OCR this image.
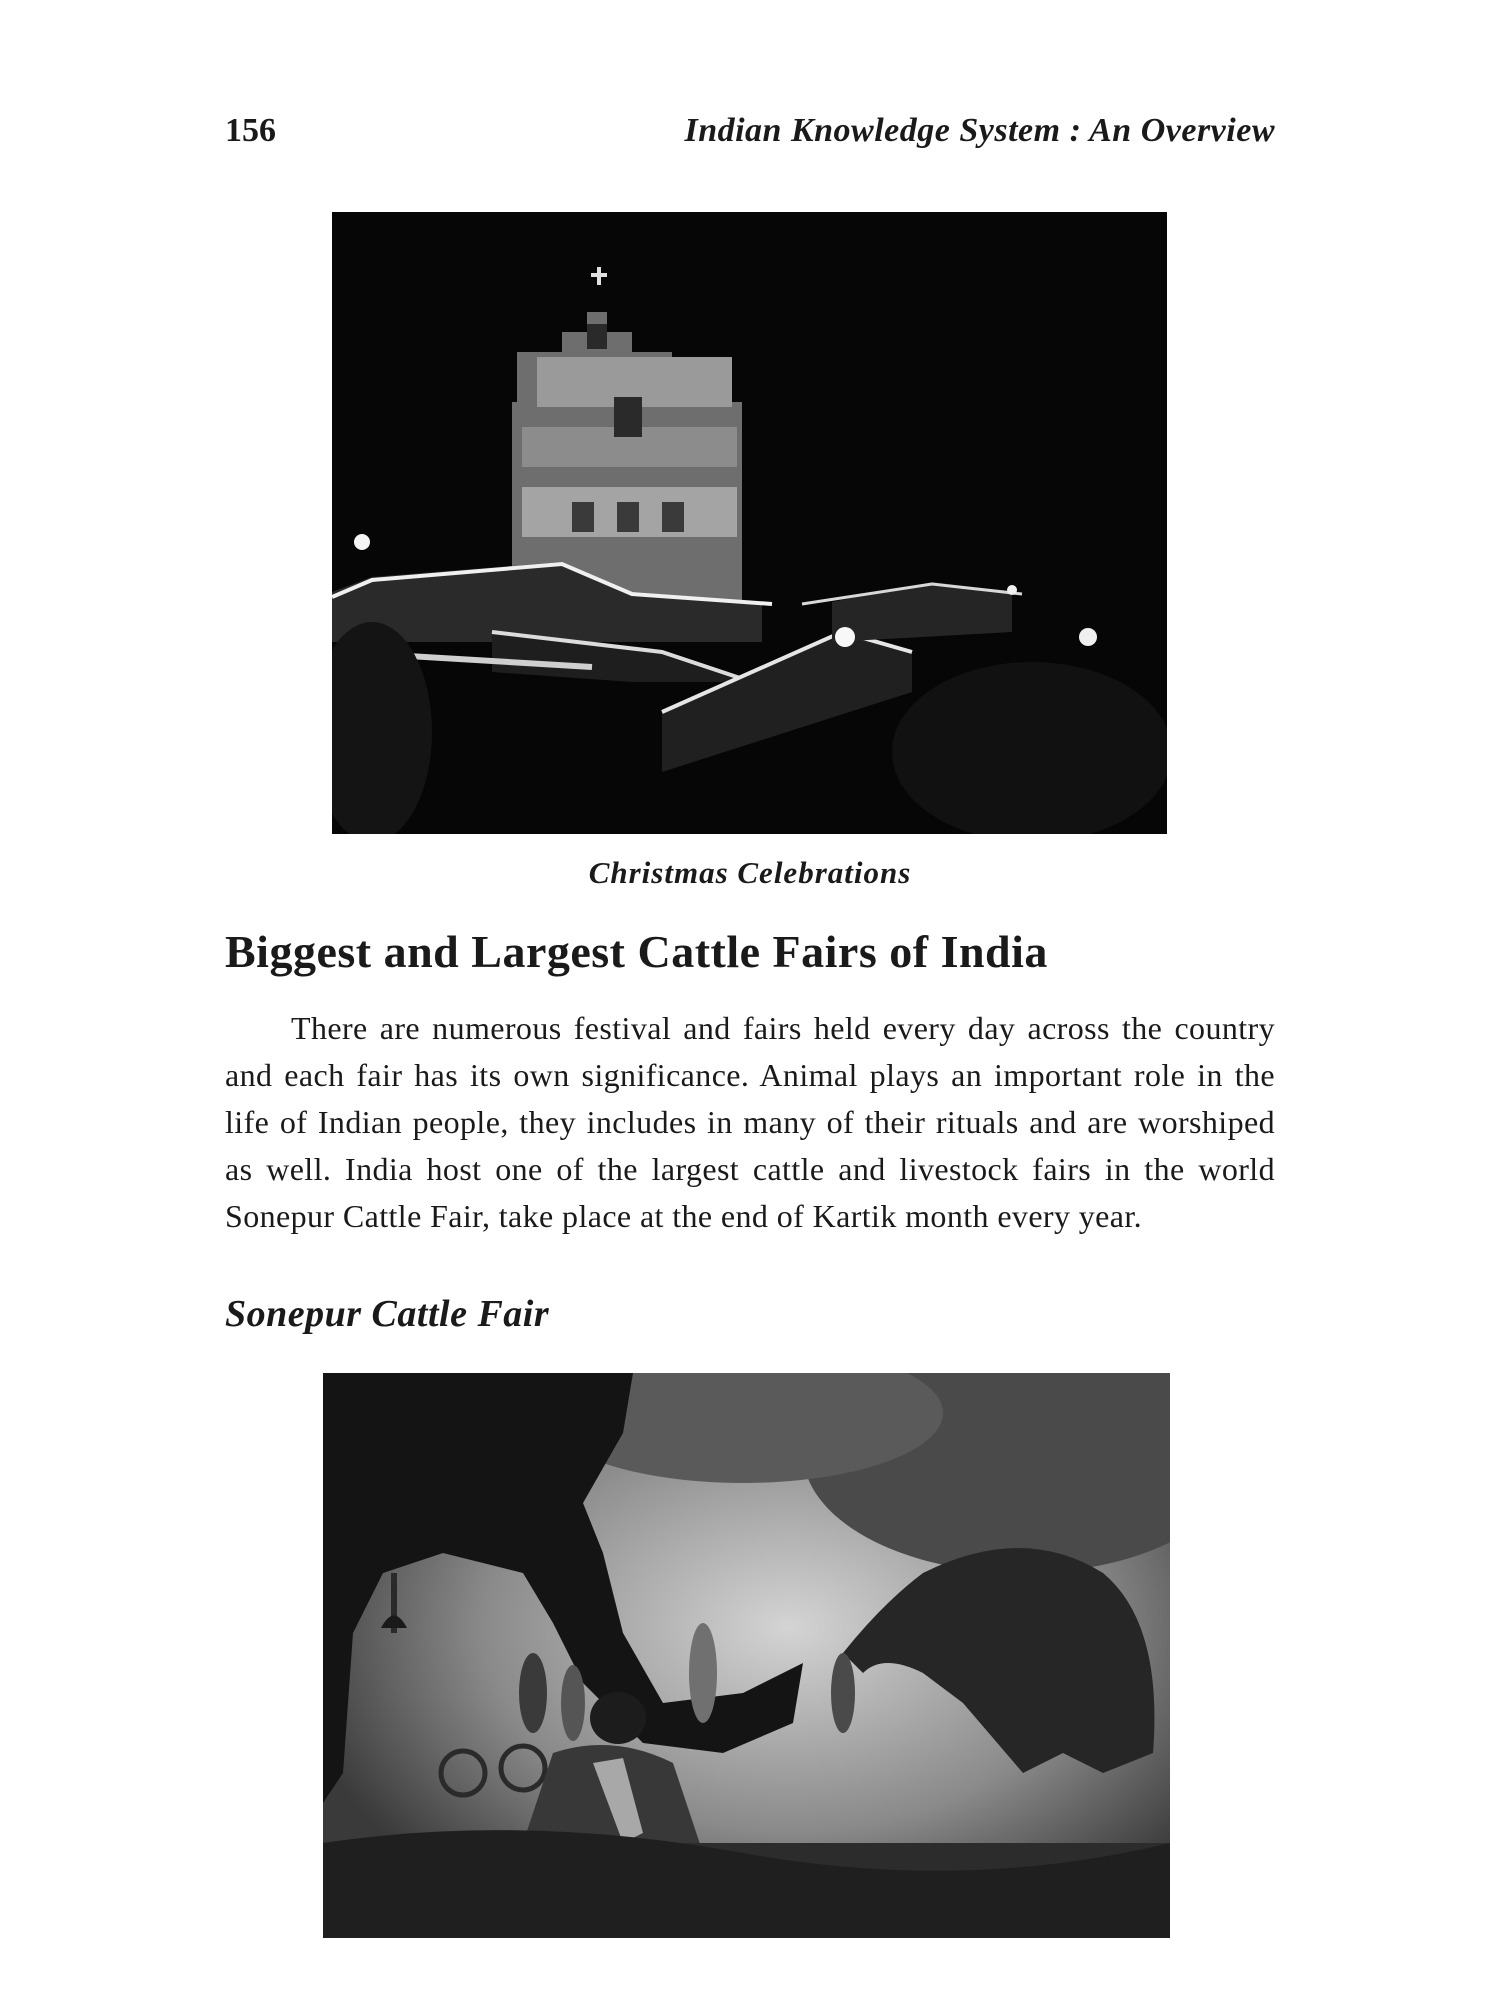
156	Indian Knowledge System : An Overview
Christmas Celebrations
Biggest and Largest Cattle Fairs of India

There are numerous festival and fairs held every day across the country and each fair has its own significance. Animal plays an important role in the life of Indian people, they includes in many of their rituals and are worshiped as well. India host one of the largest cattle and livestock fairs in the world Sonepur Cattle Fair, take place at the end of Kartik month every year.

Sonepur Cattle Fair
